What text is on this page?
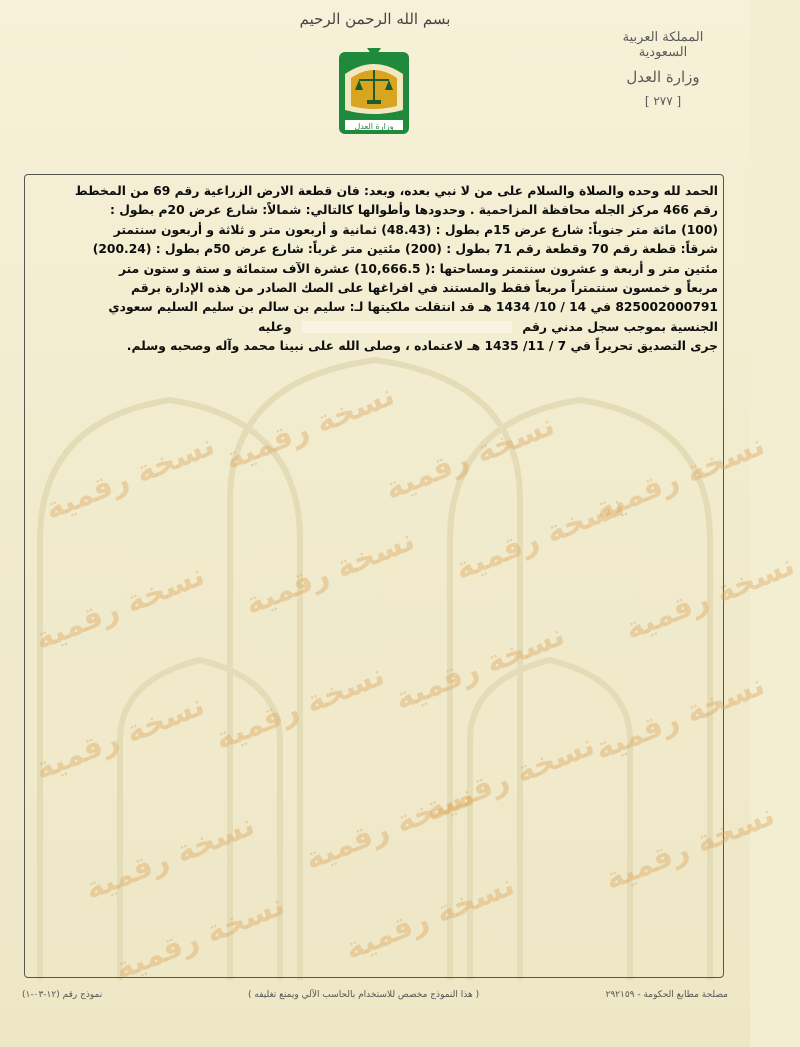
بسم الله الرحمن الرحيم
المملكة العربية السعودية
وزارة العدل
[ ٢٧٧ ]
وزارة العدل

الحمد لله وحده والصلاة والسلام على من لا نبي بعده، وبعد: فان قطعة الارض الزراعية رقم 69 من المخطط

رقم 466 مركز الجله محافظة المزاحمية . وحدودها وأطوالها كالتالي: شمالاً: شارع عرض 20م بطول :

(100) مائة متر جنوباً: شارع عرض 15م بطول : (48.43) ثمانية و أربعون متر و ثلاثة و أربعون سنتمتر

شرقاً: قطعة رقم 70 وقطعة رقم 71 بطول : (200) مئتين متر غرباً: شارع عرض 50م بطول : (200.24)

مئتين متر و أربعة و عشرون سنتمتر ومساحتها :( 10,666.5) عشرة الآف ستمائة و ستة و ستون متر

مربعاً و خمسون سنتمتراً مربعاً فقط والمستند في افراغها على الصك الصادر من هذه الإدارة برقم

825002000791 في 14 / 10/ 1434 هـ قد انتقلت ملكيتها لـ: سليم بن سالم بن سليم السليم سعودي

الجنسية بموجب سجل مدني رقم  وعليه

جرى التصديق تحريراً في 7 / 11/ 1435 هـ لاعتماده ، وصلى الله على نبينا محمد وآله وصحبه وسلم.

نسخة رقمية
نسخة رقمية
نسخة رقمية نسخة رقمية
نسخة رقمية نسخة رقمية نسخة رقمية
نسخة رقمية
نسخة رقمية نسخة رقمية نسخة رقمية
نسخة رقمية
نسخة رقمية نسخة رقمية
نسخة رقمية
نسخة رقمية
نسخة رقمية نسخة رقمية
مصلحة مطابع الحكومة - ٢٩٢١٥٩
( هذا النموذج مخصص للاستخدام بالحاسب الآلي ويمنع تغليفه )
نموذج رقم (١٢-٠٣-١)
